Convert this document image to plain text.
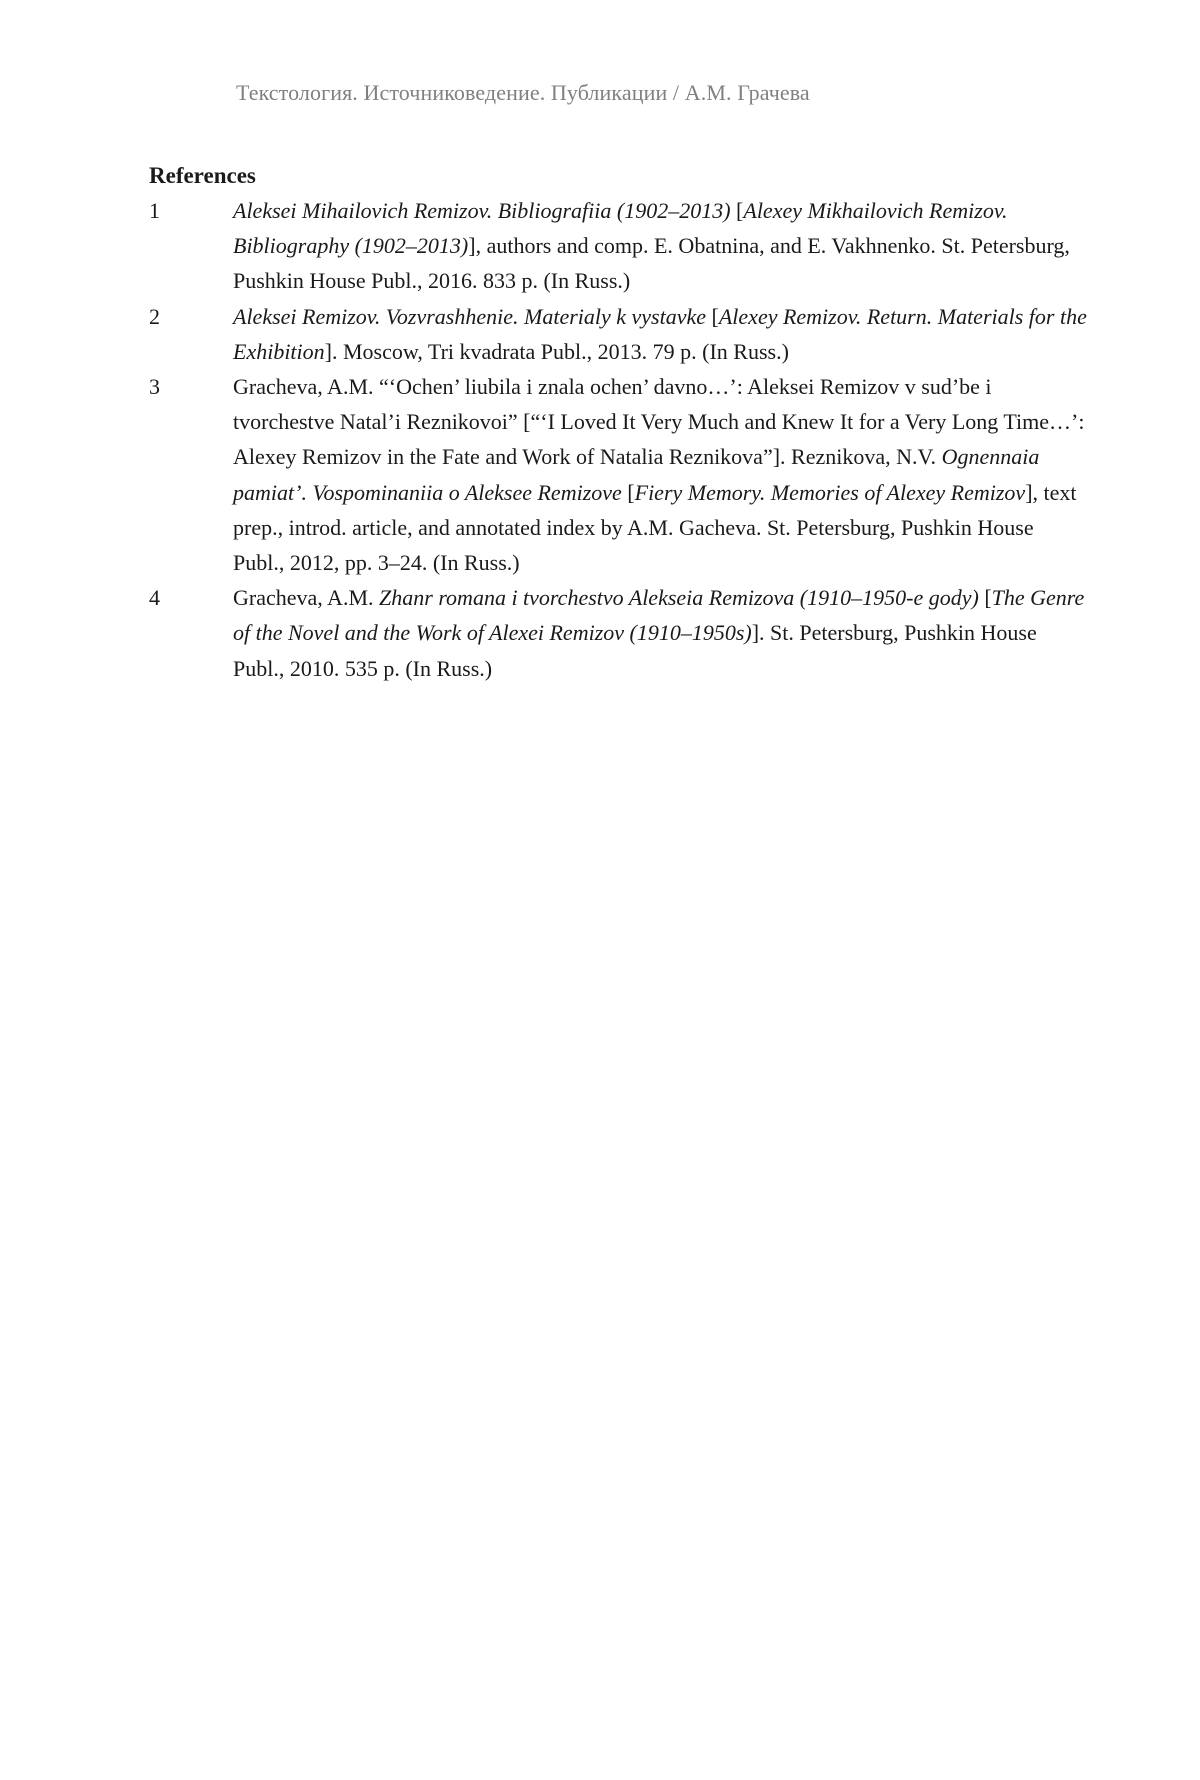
Текстология. Источниковедение. Публикации / А.М. Грачева
References
1	Aleksei Mihailovich Remizov. Bibliografiia (1902–2013) [Alexey Mikhailovich Remizov. Bibliography (1902–2013)], authors and comp. E. Obatnina, and E. Vakhnenko. St. Petersburg, Pushkin House Publ., 2016. 833 p. (In Russ.)
2	Aleksei Remizov. Vozvrashhenie. Materialy k vystavke [Alexey Remizov. Return. Materials for the Exhibition]. Moscow, Tri kvadrata Publ., 2013. 79 p. (In Russ.)
3	Gracheva, A.M. “‘Ochen’ liubila i znala ochen’ davno…’: Aleksei Remizov v sud’be i tvorchestve Natal’i Reznikovoi” [“‘I Loved It Very Much and Knew It for a Very Long Time…’: Alexey Remizov in the Fate and Work of Natalia Reznikova”]. Reznikova, N.V. Ognennaia pamiat’. Vospominaniia o Aleksee Remizove [Fiery Memory. Memories of Alexey Remizov], text prep., introd. article, and annotated index by A.M. Gacheva. St. Petersburg, Pushkin House Publ., 2012, pp. 3–24. (In Russ.)
4	Gracheva, A.M. Zhanr romana i tvorchestvo Alekseia Remizova (1910–1950-e gody) [The Genre of the Novel and the Work of Alexei Remizov (1910–1950s)]. St. Petersburg, Pushkin House Publ., 2010. 535 p. (In Russ.)
